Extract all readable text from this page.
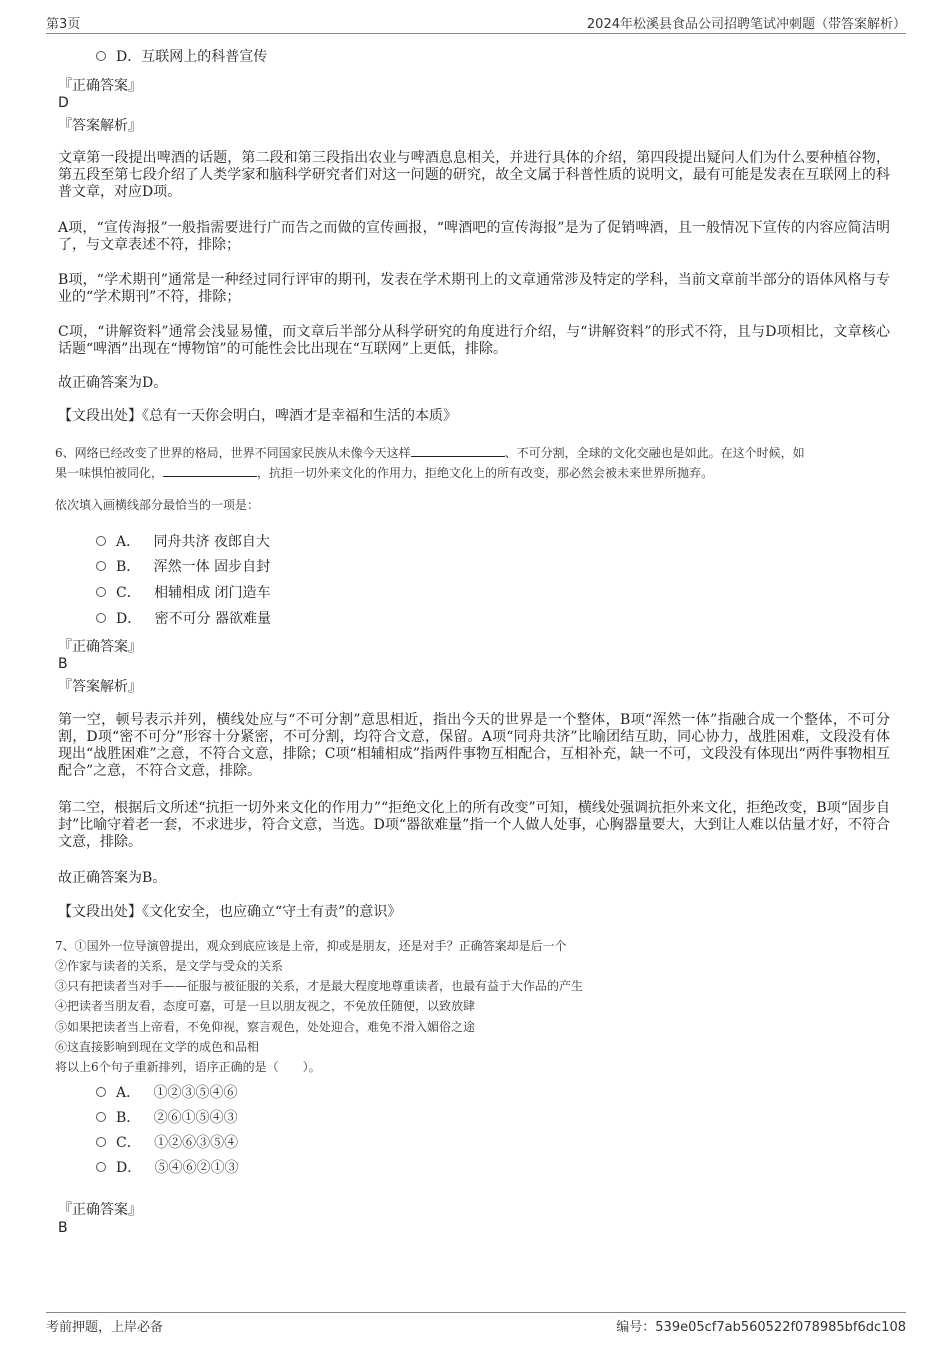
第3页	2024年松溪县食品公司招聘笔试冲刺题（带答案解析）
D．互联网上的科普宣传
『正确答案』
D
『答案解析』
文章第一段提出啤酒的话题，第二段和第三段指出农业与啤酒息息相关，并进行具体的介绍，第四段提出疑问人们为什么要种植谷物，第五段至第七段介绍了人类学家和脑科学研究者们对这一问题的研究，故全文属于科普性质的说明文，最有可能是发表在互联网上的科普文章，对应D项。
A项，“宣传海报”一般指需要进行广而告之而做的宣传画报，“啤酒吧的宣传海报”是为了促销啤酒，且一般情况下宣传的内容应简洁明了，与文章表述不符，排除；
B项，“学术期刊”通常是一种经过同行评审的期刊，发表在学术期刊上的文章通常涉及特定的学科，当前文章前半部分的语体风格与专业的“学术期刊”不符，排除；
C项，“讲解资料”通常会浅显易懂，而文章后半部分从科学研究的角度进行介绍，与“讲解资料”的形式不符，且与D项相比，文章核心话题“啤酒”出现在“博物馆”的可能性会比出现在“互联网”上更低，排除。
故正确答案为D。
【文段出处】《总有一天你会明白，啤酒才是幸福和生活的本质》
6、网络已经改变了世界的格局，世界不同国家民族从未像今天这样	、不可分割，全球的文化交融也是如此。在这个时候，如
果一味惧怕被同化，	，抗拒一切外来文化的作用力，拒绝文化上的所有改变，那必然会被未来世界所抛弃。
依次填入画横线部分最恰当的一项是：
A． 同舟共济 夜郎自大
B． 浑然一体 固步自封
C． 相辅相成 闭门造车
D． 密不可分 器欲难量
『正确答案』
B
『答案解析』
第一空，顿号表示并列，横线处应与“不可分割”意思相近，指出今天的世界是一个整体，B项“浑然一体”指融合成一个整体，不可分割，D项“密不可分”形容十分紧密，不可分割，均符合文意，保留。A项“同舟共济”比喻团结互助，同心协力，战胜困难，文段没有体现出“战胜困难”之意，不符合文意，排除；C项“相辅相成”指两件事物互相配合，互相补充，缺一不可，文段没有体现出“两件事物相互配合”之意，不符合文意，排除。
第二空，根据后文所述“抗拒一切外来文化的作用力”“拒绝文化上的所有改变”可知，横线处强调抗拒外来文化，拒绝改变，B项“固步自封”比喻守着老一套，不求进步，符合文意，当选。D项“器欲难量”指一个人做人处事，心胸器量要大，大到让人难以估量才好，不符合文意，排除。
故正确答案为B。
【文段出处】《文化安全，也应确立“守土有责”的意识》
7、①国外一位导演曾提出，观众到底应该是上帝，抑或是朋友，还是对手？正确答案却是后一个
②作家与读者的关系，是文学与受众的关系
③只有把读者当对手——征服与被征服的关系，才是最大程度地尊重读者，也最有益于大作品的产生
④把读者当朋友看，态度可嘉，可是一旦以朋友视之，不免放任随便，以致放肆
⑤如果把读者当上帝看，不免仰视，察言观色，处处迎合，难免不滑入媚俗之途
⑥这直接影响到现在文学的成色和品相
将以上6个句子重新排列，语序正确的是（　　）。
A． ①②③⑤④⑥
B． ②⑥①⑤④③
C． ①②⑥③⑤④
D． ⑤④⑥②①③
『正确答案』
B
考前押题，上岸必备	编号：539e05cf7ab560522f078985bf6dc108
